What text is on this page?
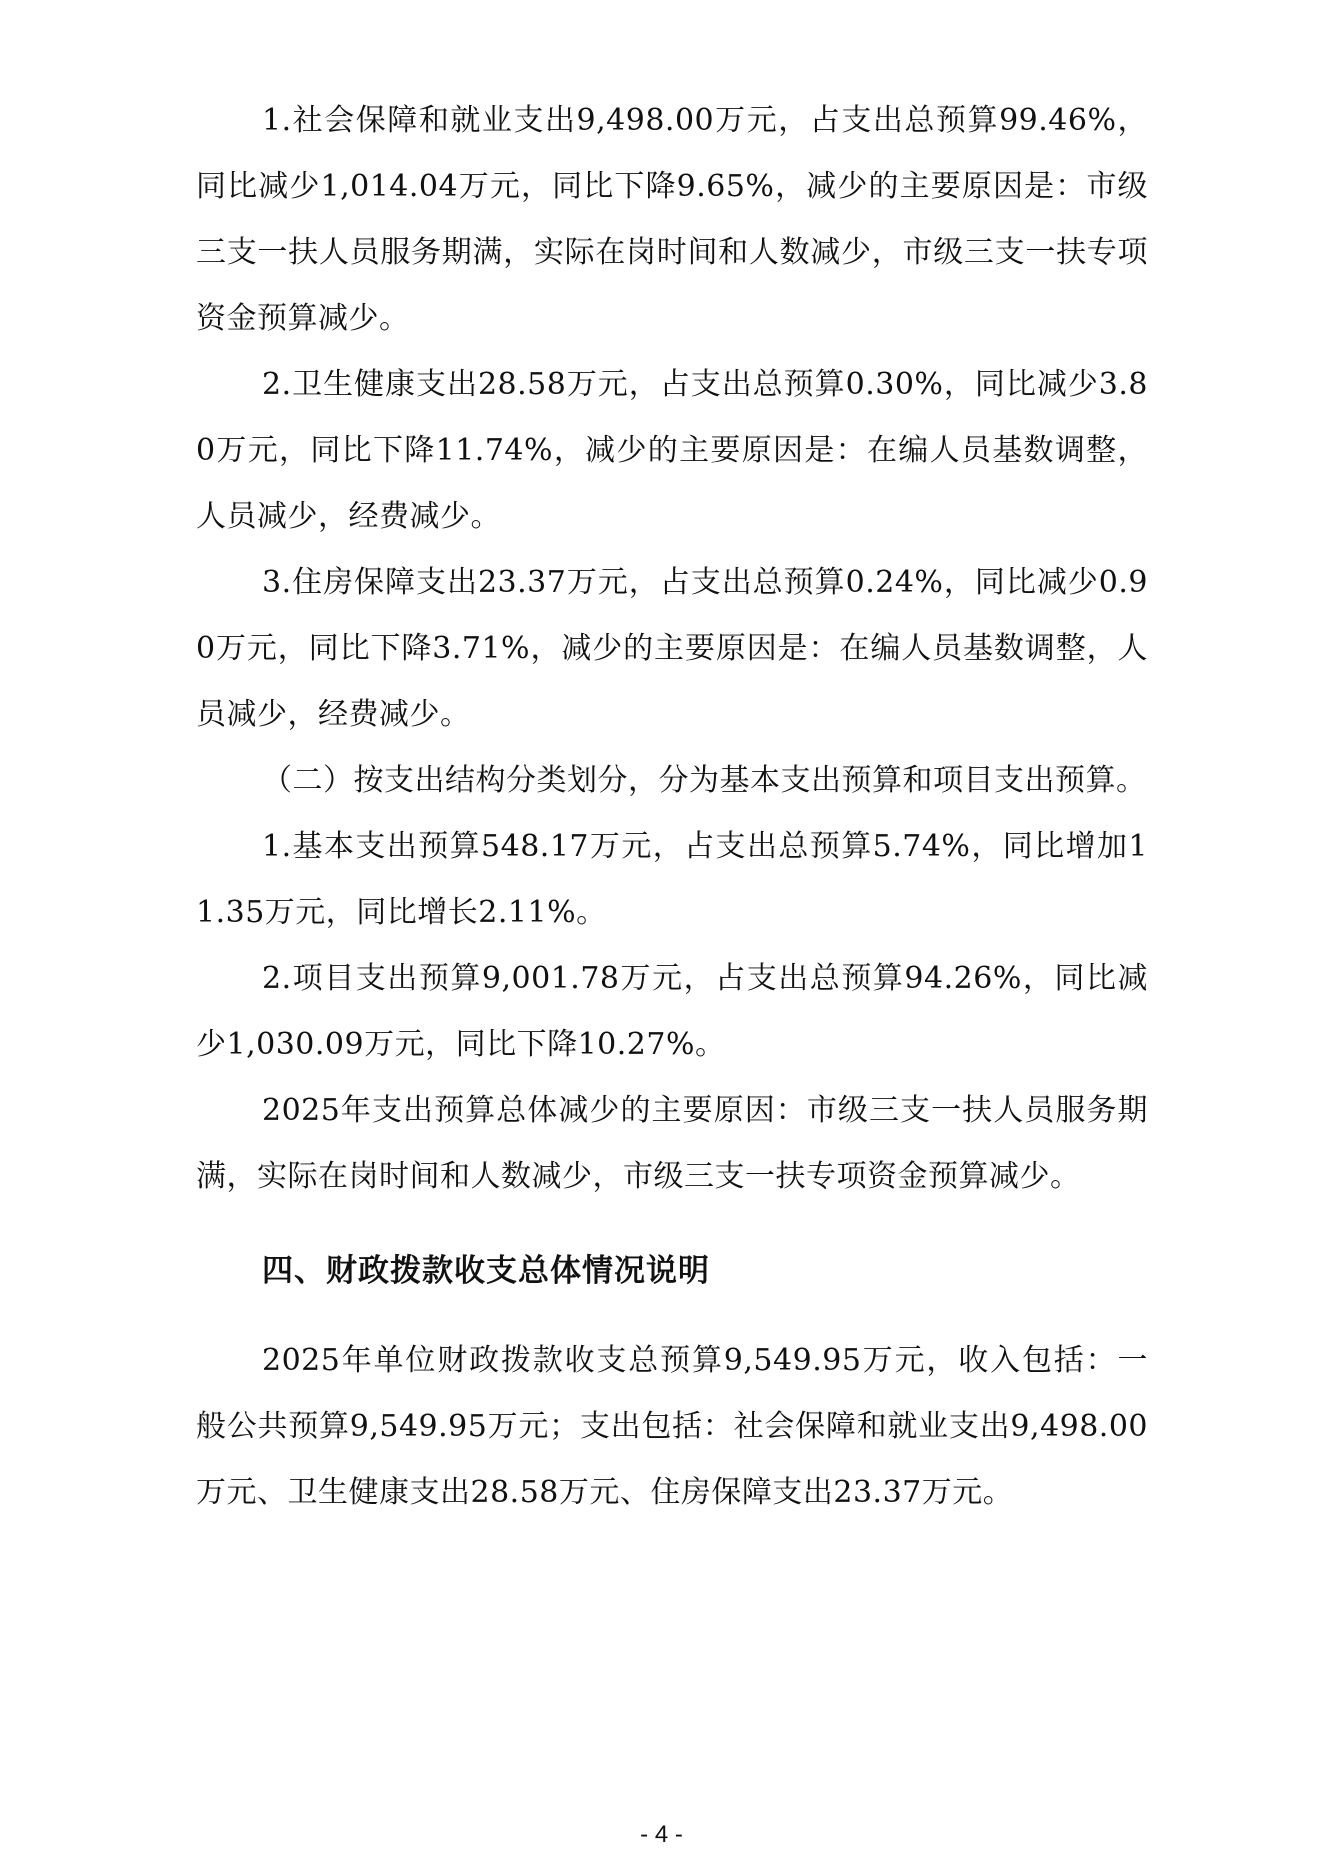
1.社会保障和就业支出9,498.00万元，占支出总预算99.46%，同比减少1,014.04万元，同比下降9.65%，减少的主要原因是：市级三支一扶人员服务期满，实际在岗时间和人数减少，市级三支一扶专项资金预算减少。

2.卫生健康支出28.58万元，占支出总预算0.30%，同比减少3.80万元，同比下降11.74%，减少的主要原因是：在编人员基数调整，人员减少，经费减少。

3.住房保障支出23.37万元，占支出总预算0.24%，同比减少0.90万元，同比下降3.71%，减少的主要原因是：在编人员基数调整，人员减少，经费减少。

（二）按支出结构分类划分，分为基本支出预算和项目支出预算。

1.基本支出预算548.17万元，占支出总预算5.74%，同比增加11.35万元，同比增长2.11%。

2.项目支出预算9,001.78万元，占支出总预算94.26%，同比减少1,030.09万元，同比下降10.27%。

2025年支出预算总体减少的主要原因：市级三支一扶人员服务期满，实际在岗时间和人数减少，市级三支一扶专项资金预算减少。

四、财政拨款收支总体情况说明

2025年单位财政拨款收支总预算9,549.95万元，收入包括：一般公共预算9,549.95万元；支出包括：社会保障和就业支出9,498.00万元、卫生健康支出28.58万元、住房保障支出23.37万元。

- 4 -
